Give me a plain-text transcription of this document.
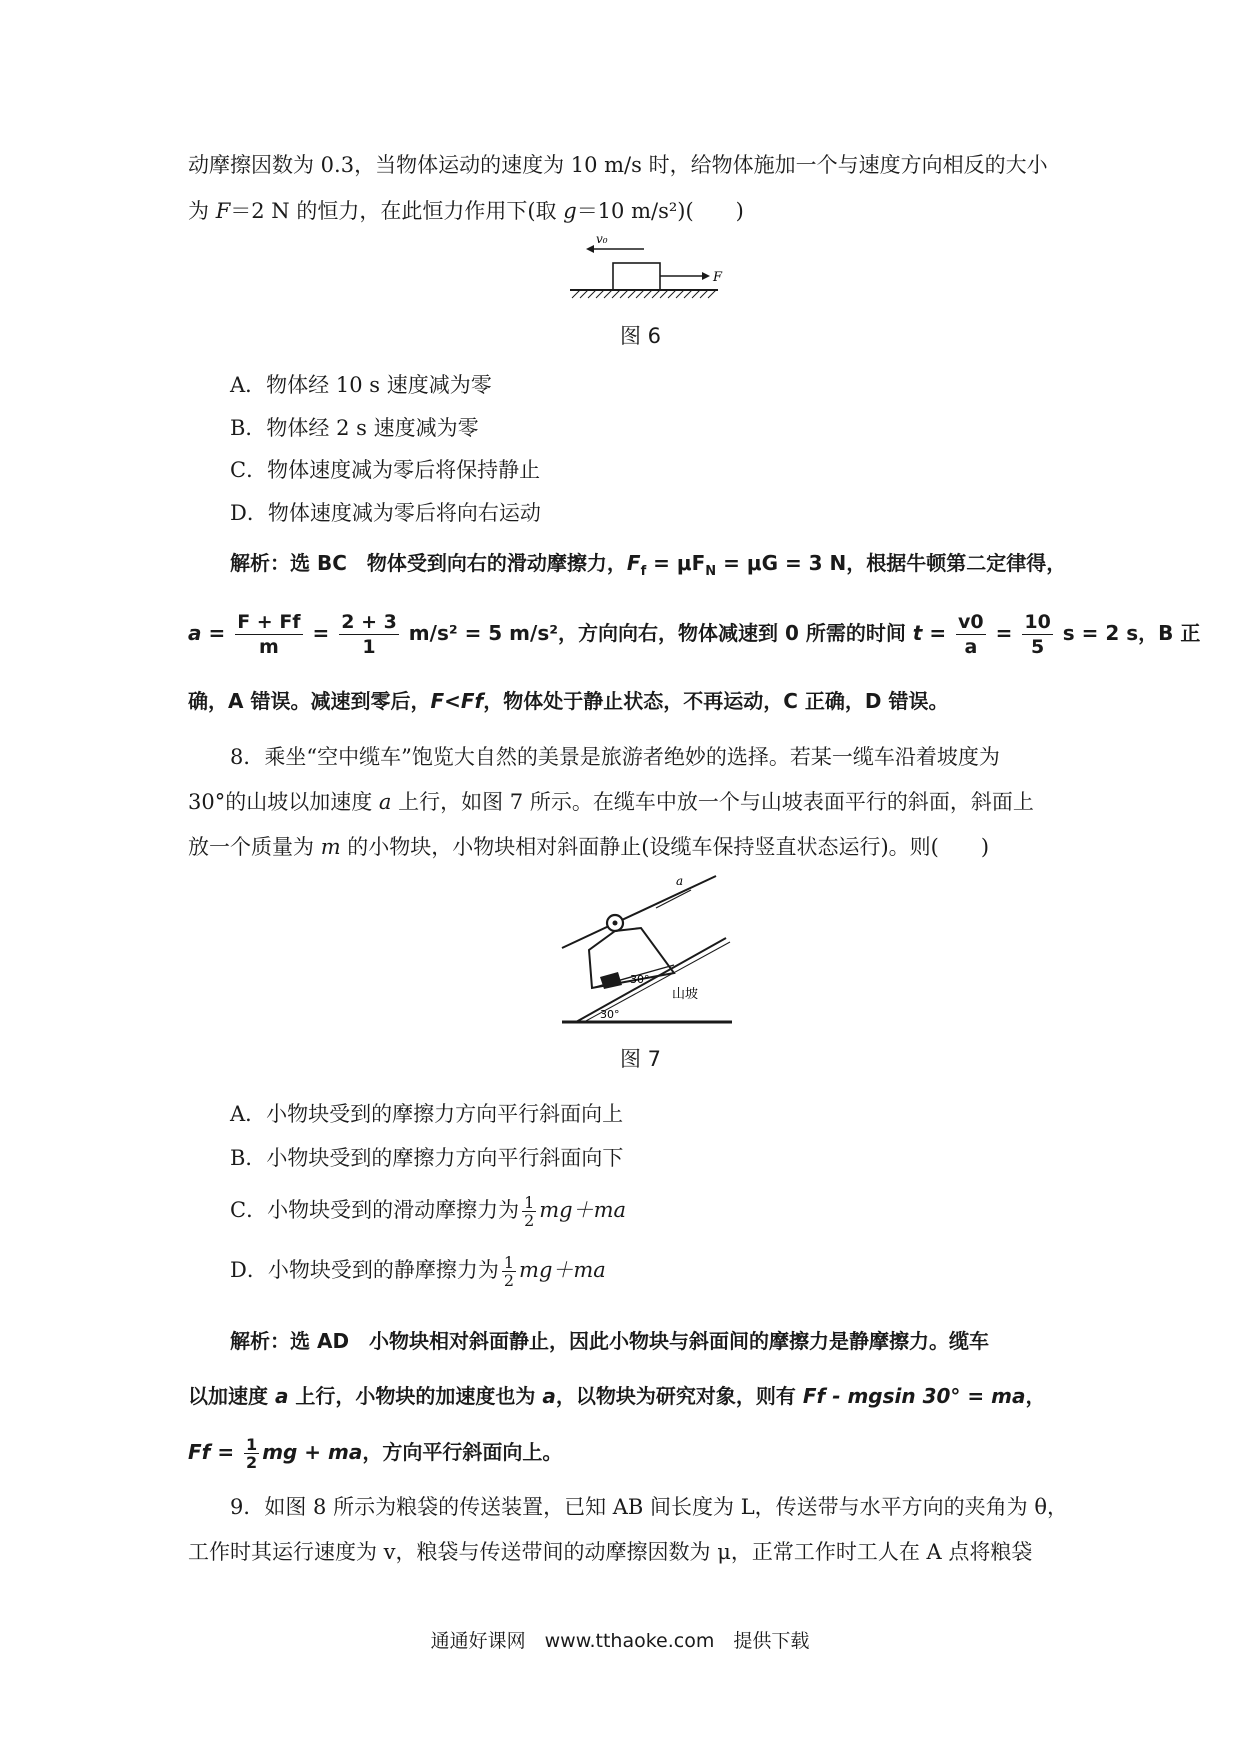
动摩擦因数为 0.3，当物体运动的速度为 10 m/s 时，给物体施加一个与速度方向相反的大小
为 F＝2 N 的恒力，在此恒力作用下(取 g＝10 m/s²)(　　)
v₀
F
图 6
A．物体经 10 s 速度减为零
B．物体经 2 s 速度减为零
C．物体速度减为零后将保持静止
D．物体速度减为零后将向右运动
解析：选 BC　物体受到向右的滑动摩擦力，$F_f = \mu F_N = \mu G = 3$ N，根据牛顿第二定律得，
$a = \frac{F + Ff}{m} = \frac{2 + 3}{1} m/s^2 = 5$ m/s²，方向向右，物体减速到 0 所需的时间 $t = \frac{v0}{a} = \frac{10}{5}$ s = 2 s，B 正
确，A 错误。减速到零后，F<Ff，物体处于静止状态，不再运动，C 正确，D 错误。
8．乘坐“空中缆车”饱览大自然的美景是旅游者绝妙的选择。若某一缆车沿着坡度为
30°的山坡以加速度 a 上行，如图 7 所示。在缆车中放一个与山坡表面平行的斜面，斜面上
放一个质量为 m 的小物块，小物块相对斜面静止(设缆车保持竖直状态运行)。则(　　)
30°
a
30°
山坡
图 7
A．小物块受到的摩擦力方向平行斜面向上
B．小物块受到的摩擦力方向平行斜面向下
C．小物块受到的滑动摩擦力为 $\frac{1}{2} mg+ma$
D．小物块受到的静摩擦力为 $\frac{1}{2} mg+ma$
解析：选 AD　小物块相对斜面静止，因此小物块与斜面间的摩擦力是静摩擦力。缆车
以加速度 a 上行，小物块的加速度也为 a，以物块为研究对象，则有 Ff - mgsin 30° = ma，
$Ff = \frac{1}{2}$ mg + ma，方向平行斜面向上。
9．如图 8 所示为粮袋的传送装置，已知 AB 间长度为 L，传送带与水平方向的夹角为 θ，
工作时其运行速度为 v，粮袋与传送带间的动摩擦因数为 μ，正常工作时工人在 A 点将粮袋
通通好课网　www.tthaoke.com　提供下载
